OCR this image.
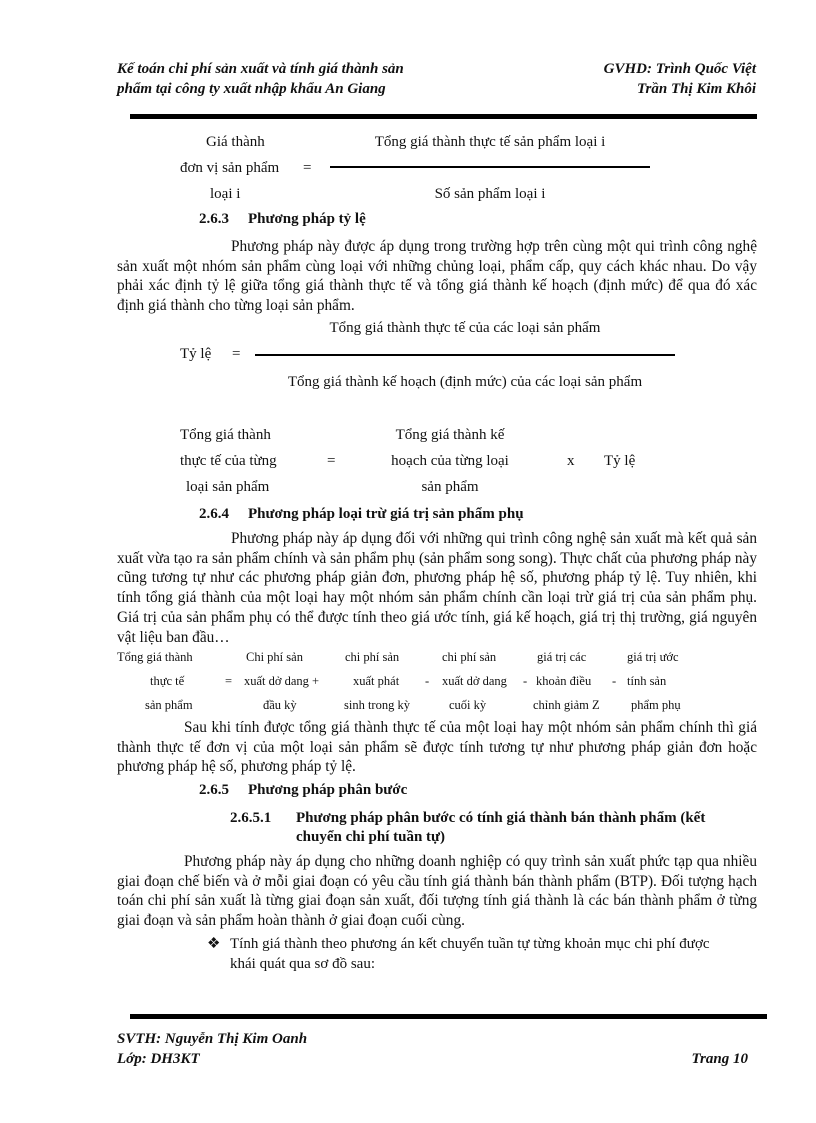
Kế toán chi phí sản xuất và tính giá thành sản
phẩm tại công ty xuất nhập khẩu An Giang
GVHD: Trình Quốc Việt
Trần Thị Kim Khôi
Giá thành
đơn vị sản phẩm =
loại i
Tổng giá thành thực tế sản phẩm loại i
Số sản phẩm loại i
2.6.3 Phương pháp tỷ lệ
Phương pháp này được áp dụng trong trường hợp trên cùng một qui trình công nghệ sản xuất một nhóm sản phẩm cùng loại với những chủng loại, phẩm cấp, quy cách khác nhau. Do vậy phải xác định tỷ lệ giữa tổng giá thành thực tế và tổng giá thành kế hoạch (định mức) để qua đó xác định giá thành cho từng loại sản phẩm.
Tổng giá thành thực tế của các loại sản phẩm
Tỷ lệ =
Tổng giá thành kế hoạch (định mức) của các loại sản phẩm
Tổng giá thành
thực tế của từng
loại sản phẩm
=
Tổng giá thành kế
hoạch của từng loại
sản phẩm
x Tỷ lệ
2.6.4 Phương pháp loại trừ giá trị sản phẩm phụ
Phương pháp này áp dụng đối với những qui trình công nghệ sản xuất mà kết quả sản xuất vừa tạo ra sản phẩm chính và sản phẩm phụ (sản phẩm song song). Thực chất của phương pháp này cũng tương tự như các phương pháp giản đơn, phương pháp hệ số, phương pháp tỷ lệ. Tuy nhiên, khi tính tổng giá thành của một loại hay một nhóm sản phẩm chính cần loại trừ giá trị của sản phẩm phụ. Giá trị của sản phẩm phụ có thể được tính theo giá ước tính, giá kế hoạch, giá trị thị trường, giá nguyên vật liệu ban đầu…
Tổng giá thành	Chi phí sản	chi phí sản	chi phí sản	giá trị các	giá trị ước
thực tế	= xuất dở dang +	xuất phát - xuất dở dang - khoản điều - tính sản
sản phẩm	đầu kỳ	sinh trong kỳ	cuối kỳ	chỉnh giảm Z	phẩm phụ
Sau khi tính được tổng giá thành thực tế của một loại hay một nhóm sản phẩm chính thì giá thành thực tế đơn vị của một loại sản phẩm sẽ được tính tương tự như phương pháp giản đơn hoặc phương pháp hệ số, phương pháp tỷ lệ.
2.6.5 Phương pháp phân bước
2.6.5.1 Phương pháp phân bước có tính giá thành bán thành phẩm (kết
chuyển chi phí tuần tự)
Phương pháp này áp dụng cho những doanh nghiệp có quy trình sản xuất phức tạp qua nhiều giai đoạn chế biến và ở mỗi giai đoạn có yêu cầu tính giá thành bán thành phẩm (BTP). Đối tượng hạch toán chi phí sản xuất là từng giai đoạn sản xuất, đối tượng tính giá thành là các bán thành phẩm ở từng giai đoạn và sản phẩm hoàn thành ở giai đoạn cuối cùng.
❖ Tính giá thành theo phương án kết chuyển tuần tự từng khoản mục chi phí được
khái quát qua sơ đồ sau:
SVTH: Nguyễn Thị Kim Oanh
Lớp: DH3KT	Trang 10
